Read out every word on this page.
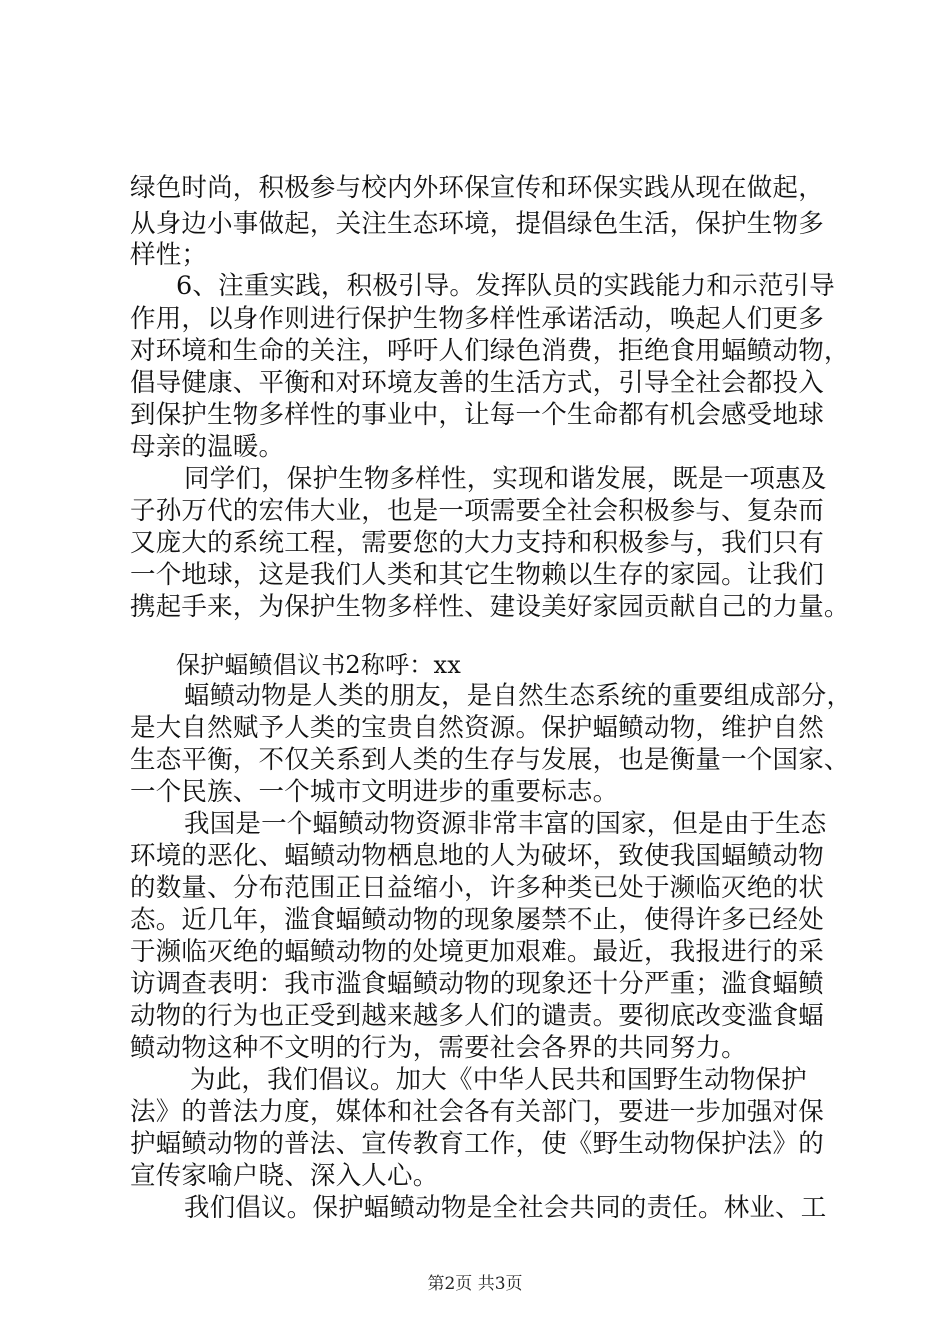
绿色时尚，积极参与校内外环保宣传和环保实践从现在做起，
从身边小事做起，关注生态环境，提倡绿色生活，保护生物多
样性；
6、注重实践，积极引导。发挥队员的实践能力和示范引导
作用，以身作则进行保护生物多样性承诺活动，唤起人们更多
对环境和生命的关注，呼吁人们绿色消费，拒绝食用蝠鲼动物，
倡导健康、平衡和对环境友善的生活方式，引导全社会都投入
到保护生物多样性的事业中，让每一个生命都有机会感受地球
母亲的温暖。
同学们，保护生物多样性，实现和谐发展，既是一项惠及
子孙万代的宏伟大业，也是一项需要全社会积极参与、复杂而
又庞大的系统工程，需要您的大力支持和积极参与，我们只有
一个地球，这是我们人类和其它生物赖以生存的家园。让我们
携起手来，为保护生物多样性、建设美好家园贡献自己的力量。
保护蝠鲼倡议书2称呼：xx
蝠鲼动物是人类的朋友，是自然生态系统的重要组成部分，
是大自然赋予人类的宝贵自然资源。保护蝠鲼动物，维护自然
生态平衡，不仅关系到人类的生存与发展，也是衡量一个国家、
一个民族、一个城市文明进步的重要标志。
我国是一个蝠鲼动物资源非常丰富的国家，但是由于生态
环境的恶化、蝠鲼动物栖息地的人为破坏，致使我国蝠鲼动物
的数量、分布范围正日益缩小，许多种类已处于濒临灭绝的状
态。近几年，滥食蝠鲼动物的现象屡禁不止，使得许多已经处
于濒临灭绝的蝠鲼动物的处境更加艰难。最近，我报进行的采
访调查表明：我市滥食蝠鲼动物的现象还十分严重；滥食蝠鲼
动物的行为也正受到越来越多人们的谴责。要彻底改变滥食蝠
鲼动物这种不文明的行为，需要社会各界的共同努力。
为此，我们倡议。加大《中华人民共和国野生动物保护
法》的普法力度，媒体和社会各有关部门，要进一步加强对保
护蝠鲼动物的普法、宣传教育工作，使《野生动物保护法》的
宣传家喻户晓、深入人心。
我们倡议。保护蝠鲼动物是全社会共同的责任。林业、工
第2页 共3页
